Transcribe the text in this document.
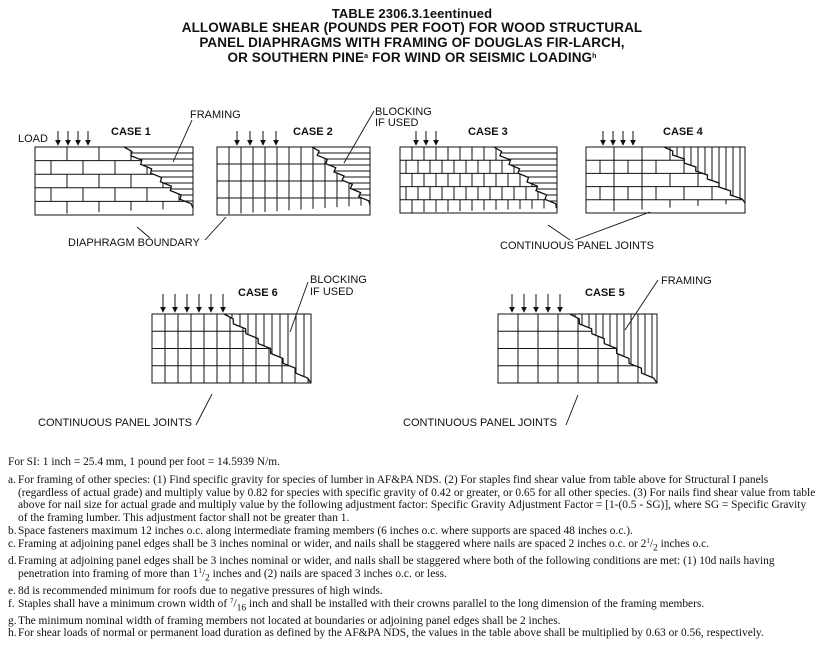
TABLE 2306.3.1eentinued
ALLOWABLE SHEAR (POUNDS PER FOOT) FOR WOOD STRUCTURAL
PANEL DIAPHRAGMS WITH FRAMING OF DOUGLAS FIR-LARCH,
OR SOUTHERN PINE$^a$ FOR WIND OR SEISMIC LOADING$^h$
LOAD
CASE 1	CASE 2	CASE 3	CASE 4
CASE 6	CASE 5
FRAMING	BLOCKING
IF USED
DIAPHRAGM BOUNDARY	CONTINUOUS PANEL JOINTS
BLOCKING
IF USED
FRAMING
CONTINUOUS PANEL JOINTS	CONTINUOUS PANEL JOINTS

For SI: 1 inch = 25.4 mm, 1 pound per foot = 14.5939 N/m.

a. For framing of other species: (1) Find specific gravity for species of lumber in AF&PA NDS. (2) For staples find shear value from table above for Structural I panels (regardless of actual grade) and multiply value by 0.82 for species with specific gravity of 0.42 or greater, or 0.65 for all other species. (3) For nails find shear value from table above for nail size for actual grade and multiply value by the following adjustment factor: Specific Gravity Adjustment Factor = [1-(0.5 - SG)], where SG = Specific Gravity of the framing lumber. This adjustment factor shall not be greater than 1.
b. Space fasteners maximum 12 inches o.c. along intermediate framing members (6 inches o.c. where supports are spaced 48 inches o.c.).
c. Framing at adjoining panel edges shall be 3 inches nominal or wider, and nails shall be staggered where nails are spaced 2 inches o.c. or $2^1/_2$ inches o.c.
d. Framing at adjoining panel edges shall be 3 inches nominal or wider, and nails shall be staggered where both of the following conditions are met: (1) 10d nails having penetration into framing of more than $1^1/_2$ inches and (2) nails are spaced 3 inches o.c. or less.
e. 8d is recommended minimum for roofs due to negative pressures of high winds.
f. Staples shall have a minimum crown width of $^7/_{16}$ inch and shall be installed with their crowns parallel to the long dimension of the framing members.
g. The minimum nominal width of framing members not located at boundaries or adjoining panel edges shall be 2 inches.
h. For shear loads of normal or permanent load duration as defined by the AF&PA NDS, the values in the table above shall be multiplied by 0.63 or 0.56, respectively.
